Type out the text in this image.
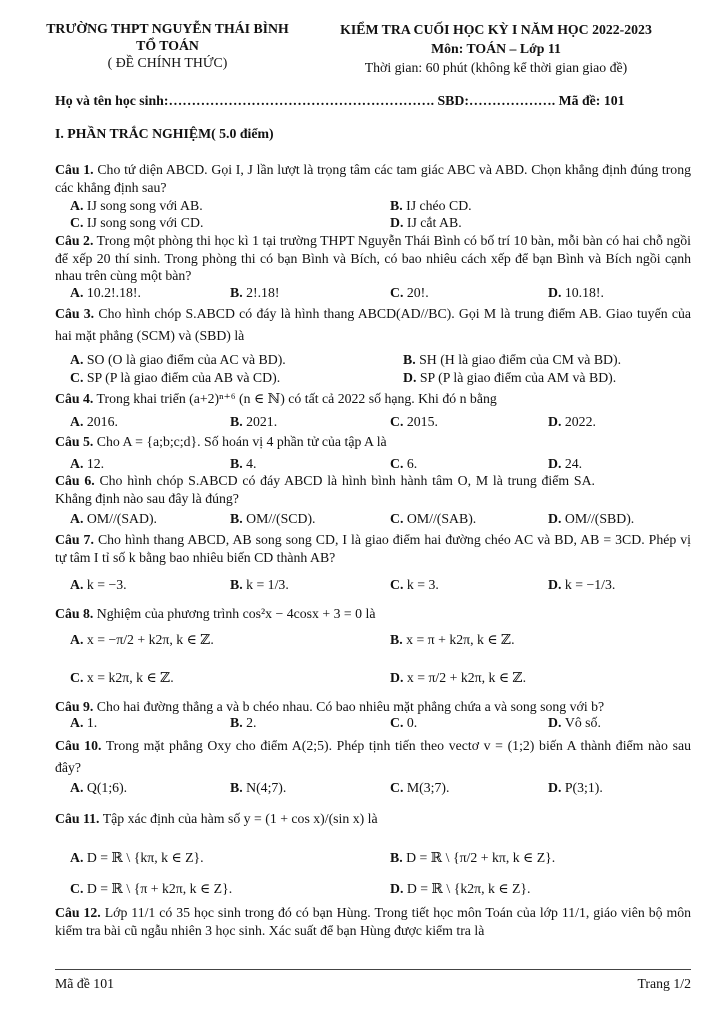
TRƯỜNG THPT NGUYỄN THÁI BÌNH
TỔ TOÁN
( ĐỀ CHÍNH THỨC)
KIỂM TRA CUỐI HỌC KỲ I NĂM HỌC 2022-2023
Môn: TOÁN – Lớp 11
Thời gian: 60 phút (không kể thời gian giao đề)
Họ và tên học sinh:…………………………………………………. SBD:………………. Mã đề: 101
I. PHẦN TRẮC NGHIỆM( 5.0 điểm)
Câu 1. Cho tứ diện ABCD. Gọi I, J lần lượt là trọng tâm các tam giác ABC và ABD. Chọn khẳng định đúng trong các khẳng định sau?
A. IJ song song với AB.	B. IJ chéo CD.
C. IJ song song với CD.	D. IJ cắt AB.
Câu 2. Trong một phòng thi học kì 1 tại trường THPT Nguyễn Thái Bình có bố trí 10 bàn, mỗi bàn có hai chỗ ngồi để xếp 20 thí sinh. Trong phòng thi có bạn Bình và Bích, có bao nhiêu cách xếp để bạn Bình và Bích ngồi cạnh nhau trên cùng một bàn?
A. 10.2!.18!.	B. 2!.18!	C. 20!.	D. 10.18!.
Câu 3. Cho hình chóp S.ABCD có đáy là hình thang ABCD(AD//BC). Gọi M là trung điểm AB. Giao tuyến của hai mặt phẳng (SCM) và (SBD) là
A. SO (O là giao điểm của AC và BD).	B. SH (H là giao điểm của CM và BD).
C. SP (P là giao điểm của AB và CD).	D. SP (P là giao điểm của AM và BD).
Câu 4. Trong khai triển (a+2)ⁿ⁺⁶ (n ∈ ℕ) có tất cả 2022 số hạng. Khi đó n bằng
A. 2016.	B. 2021.	C. 2015.	D. 2022.
Câu 5. Cho A = {a;b;c;d}. Số hoán vị 4 phần tử của tập A là
A. 12.	B. 4.	C. 6.	D. 24.
Câu 6. Cho hình chóp S.ABCD có đáy ABCD là hình bình hành tâm O, M là trung điểm SA. Khẳng định nào sau đây là đúng?
A. OM//(SAD).	B. OM//(SCD).	C. OM//(SAB).	D. OM//(SBD).
Câu 7. Cho hình thang ABCD, AB song song CD, I là giao điểm hai đường chéo AC và BD, AB = 3CD. Phép vị tự tâm I tỉ số k bằng bao nhiêu biến CD thành AB?
A. k = −3.	B. k = 1/3.	C. k = 3.	D. k = −1/3.
Câu 8. Nghiệm của phương trình cos²x − 4cosx + 3 = 0 là
A. x = −π/2 + k2π, k ∈ ℤ.	B. x = π + k2π, k ∈ ℤ.
C. x = k2π, k ∈ ℤ.	D. x = π/2 + k2π, k ∈ ℤ.
Câu 9. Cho hai đường thẳng a và b chéo nhau. Có bao nhiêu mặt phẳng chứa a và song song với b?
A. 1.	B. 2.	C. 0.	D. Vô số.
Câu 10. Trong mặt phẳng Oxy cho điểm A(2;5). Phép tịnh tiến theo vectơ v = (1;2) biến A thành điểm nào sau đây?
A. Q(1;6).	B. N(4;7).	C. M(3;7).	D. P(3;1).
Câu 11. Tập xác định của hàm số y = (1 + cos x)/(sin x) là
A. D = ℝ \ {kπ, k ∈ Z}.	B. D = ℝ \ {π/2 + kπ, k ∈ Z}.
C. D = ℝ \ {π + k2π, k ∈ Z}.	D. D = ℝ \ {k2π, k ∈ Z}.
Câu 12. Lớp 11/1 có 35 học sinh trong đó có bạn Hùng. Trong tiết học môn Toán của lớp 11/1, giáo viên bộ môn kiểm tra bài cũ ngẫu nhiên 3 học sinh. Xác suất để bạn Hùng được kiểm tra là
Mã đề 101	Trang 1/2
